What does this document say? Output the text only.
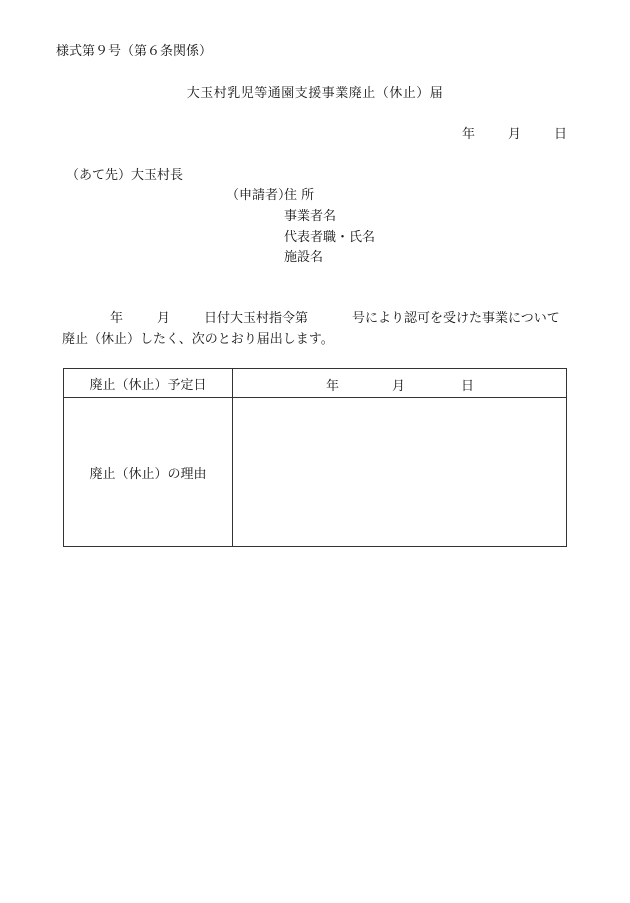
様式第９号（第６条関係）
大玉村乳児等通園支援事業廃止（休止）届
年	月	日
（あて先）大玉村長
（申請者）
住 所
事業者名
代表者職・氏名
施設名
年	月	日付大玉村指令第	号により認可を受けた事業について
廃止（休止）したく、次のとおり届出します。
廃止（休止）予定日	年 月 日

廃止（休止）の理由	
